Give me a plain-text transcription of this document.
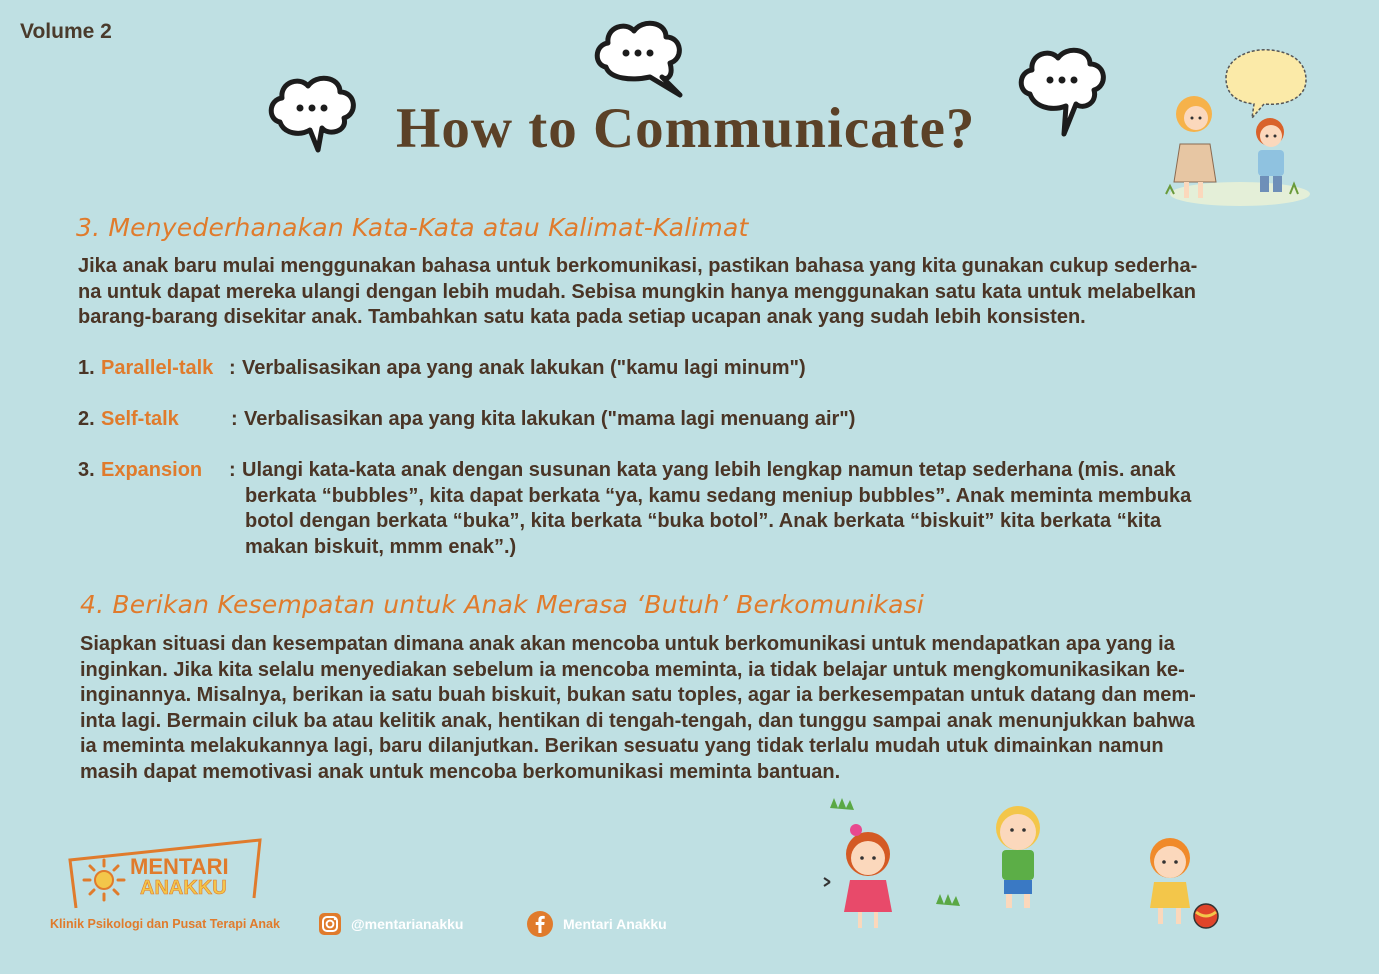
Volume 2
How to Communicate?
3. Menyederhanakan Kata-Kata atau Kalimat-Kalimat
Jika anak baru mulai menggunakan bahasa untuk berkomunikasi, pastikan bahasa yang kita gunakan cukup sederha-
na untuk dapat mereka ulangi dengan lebih mudah. Sebisa mungkin hanya menggunakan satu kata untuk melabelkan
barang-barang disekitar anak. Tambahkan satu kata pada setiap ucapan anak yang sudah lebih konsisten.
1. Parallel-talk : Verbalisasikan apa yang anak lakukan ("kamu lagi minum")
2. Self-talk	: Verbalisasikan apa yang kita lakukan ("mama lagi menuang air")
3. Expansion : Ulangi kata-kata anak dengan susunan kata yang lebih lengkap namun tetap sederhana (mis. anak
berkata “bubbles”, kita dapat berkata “ya, kamu sedang meniup bubbles”. Anak meminta membuka
botol dengan berkata “buka”, kita berkata “buka botol”. Anak berkata “biskuit” kita berkata “kita
makan biskuit, mmm enak”.)
4. Berikan Kesempatan untuk Anak Merasa ‘Butuh’ Berkomunikasi
Siapkan situasi dan kesempatan dimana anak akan mencoba untuk berkomunikasi untuk mendapatkan apa yang ia
inginkan. Jika kita selalu menyediakan sebelum ia mencoba meminta, ia tidak belajar untuk mengkomunikasikan ke-
inginannya. Misalnya, berikan ia satu buah biskuit, bukan satu toples, agar ia berkesempatan untuk datang dan mem-
inta lagi. Bermain ciluk ba atau kelitik anak, hentikan di tengah-tengah, dan tunggu sampai anak menunjukkan bahwa
ia meminta melakukannya lagi, baru dilanjutkan. Berikan sesuatu yang tidak terlalu mudah utuk dimainkan namun
masih dapat memotivasi anak untuk mencoba berkomunikasi meminta bantuan.
MENTARI
ANAKKU
Klinik Psikologi dan Pusat Terapi Anak	@mentarianakku	Mentari Anakku
